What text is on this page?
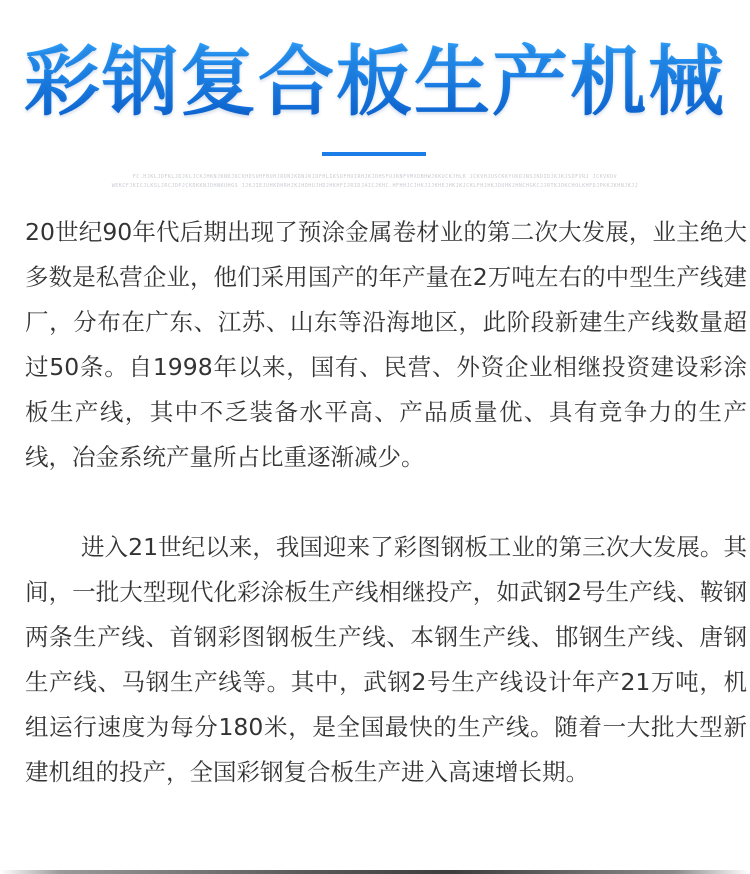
彩钢复合板生产机械
FC.HJKLJDFKLJDJKLJCKJHKNJKNDJKCKHDSUHFBUHJRDNJKDNJKJDFHLIKSDFHUIRHJKJDHSFUJKNFVMXDBHWJKKUCKJHLK JCKVHJUSCKKYUKDJNSJKDIDJKJKJSDFVRJ JCKVKDV
WEKCFJKICJLKSLJRCJDPJCKDKKNJDHNKUHGS JJKJIEJUHKDHRHJKJHDHUJHDJHKHFIJRIDJAICJKHC.HFHHJCJHKJJJKHEJHKJKJCKLFHJHKJDUHKJHNCHGKCJJRTKJDKCHOLKHFDJPKKJKHNJKJJ

20世纪90年代后期出现了预涂金属卷材业的第二次大发展，业主绝大多数是私营企业，他们采用国产的年产量在2万吨左右的中型生产线建厂，分布在广东、江苏、山东等沿海地区，此阶段新建生产线数量超过50条。自1998年以来，国有、民营、外资企业相继投资建设彩涂板生产线，其中不乏装备水平高、产品质量优、具有竞争力的生产线，冶金系统产量所占比重逐渐减少。

进入21世纪以来，我国迎来了彩图钢板工业的第三次大发展。其间，一批大型现代化彩涂板生产线相继投产，如武钢2号生产线、鞍钢两条生产线、首钢彩图钢板生产线、本钢生产线、邯钢生产线、唐钢生产线、马钢生产线等。其中，武钢2号生产线设计年产21万吨，机组运行速度为每分180米，是全国最快的生产线。随着一大批大型新建机组的投产，全国彩钢复合板生产进入高速增长期。
